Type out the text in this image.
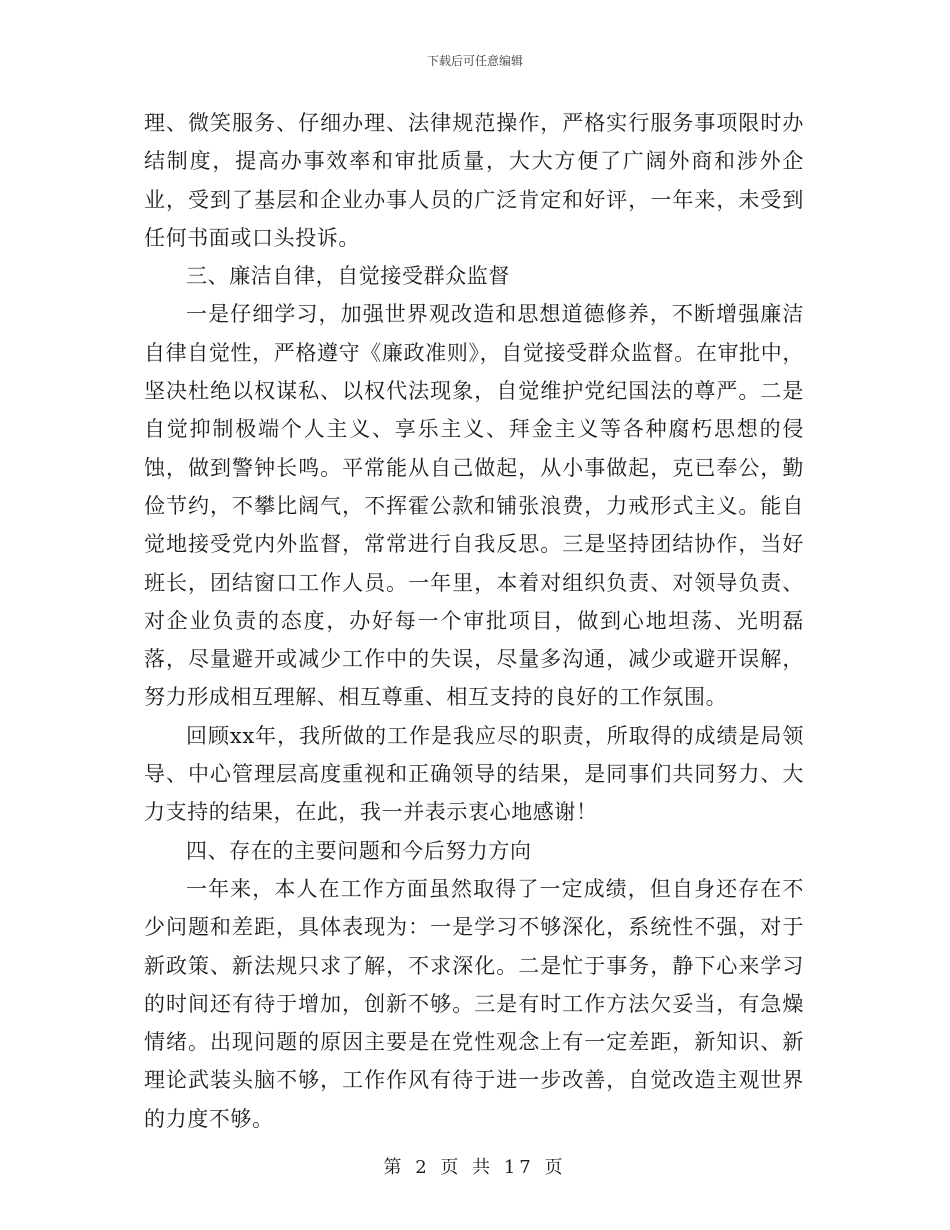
下载后可任意编辑

理、微笑服务、仔细办理、法律规范操作，严格实行服务事项限时办结制度，提高办事效率和审批质量，大大方便了广阔外商和涉外企业，受到了基层和企业办事人员的广泛肯定和好评，一年来，未受到任何书面或口头投诉。

三、廉洁自律，自觉接受群众监督

一是仔细学习，加强世界观改造和思想道德修养，不断增强廉洁自律自觉性，严格遵守《廉政准则》，自觉接受群众监督。在审批中，坚决杜绝以权谋私、以权代法现象，自觉维护党纪国法的尊严。二是自觉抑制极端个人主义、享乐主义、拜金主义等各种腐朽思想的侵蚀，做到警钟长鸣。平常能从自己做起，从小事做起，克已奉公，勤俭节约，不攀比阔气，不挥霍公款和铺张浪费，力戒形式主义。能自觉地接受党内外监督，常常进行自我反思。三是坚持团结协作，当好班长，团结窗口工作人员。一年里，本着对组织负责、对领导负责、对企业负责的态度，办好每一个审批项目，做到心地坦荡、光明磊落，尽量避开或减少工作中的失误，尽量多沟通，减少或避开误解，努力形成相互理解、相互尊重、相互支持的良好的工作氛围。

回顾xx年，我所做的工作是我应尽的职责，所取得的成绩是局领导、中心管理层高度重视和正确领导的结果，是同事们共同努力、大力支持的结果，在此，我一并表示衷心地感谢！

四、存在的主要问题和今后努力方向

一年来，本人在工作方面虽然取得了一定成绩，但自身还存在不少问题和差距，具体表现为：一是学习不够深化，系统性不强，对于新政策、新法规只求了解，不求深化。二是忙于事务，静下心来学习的时间还有待于增加，创新不够。三是有时工作方法欠妥当，有急燥情绪。出现问题的原因主要是在党性观念上有一定差距，新知识、新理论武装头脑不够，工作作风有待于进一步改善，自觉改造主观世界的力度不够。

第 2 页 共 17 页
